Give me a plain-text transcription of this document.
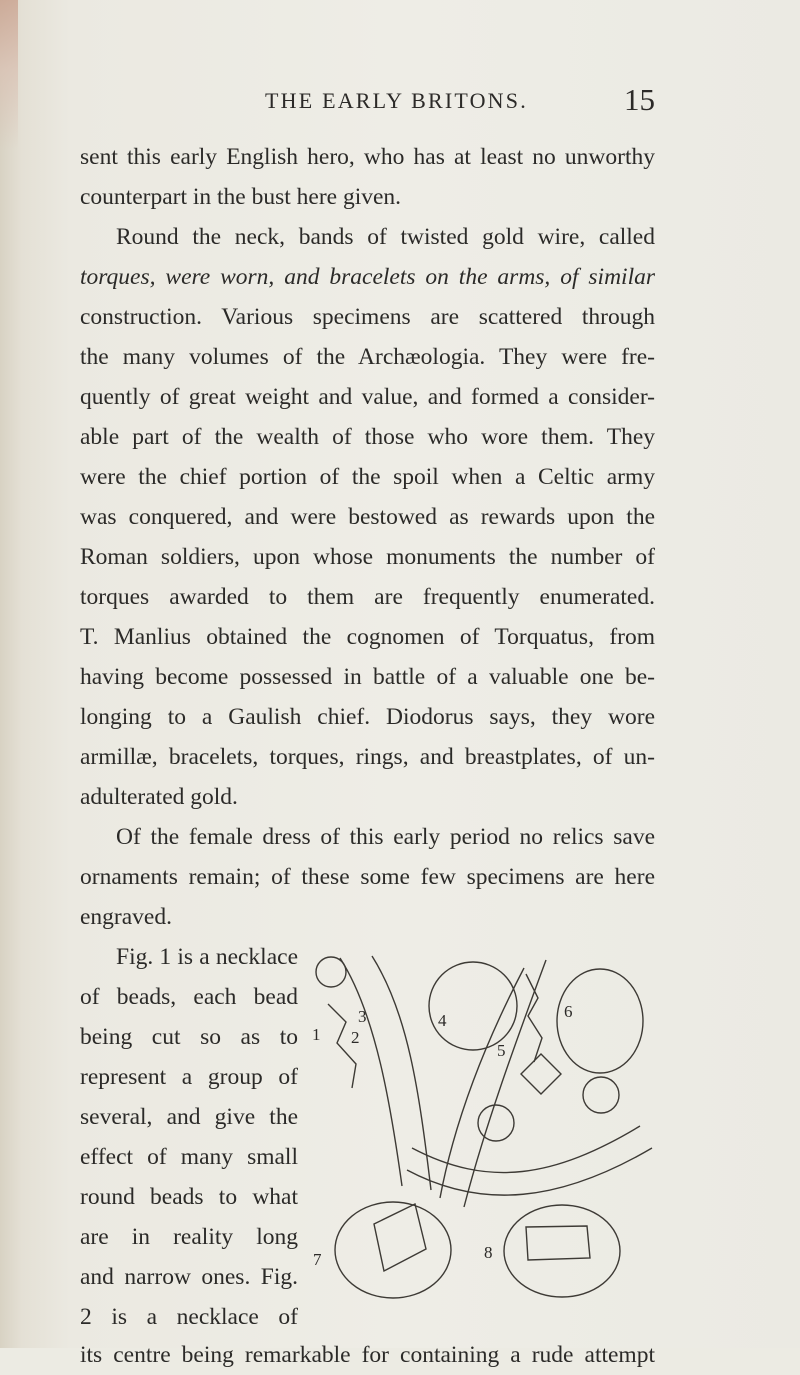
THE EARLY BRITONS.	15
sent this early English hero, who has at least no unworthy
counterpart in the bust here given.
Round the neck, bands of twisted gold wire, called
torques, were worn, and bracelets on the arms, of similar
construction. Various specimens are scattered through
the many volumes of the Archæologia. They were fre-
quently of great weight and value, and formed a consider-
able part of the wealth of those who wore them. They
were the chief portion of the spoil when a Celtic army
was conquered, and were bestowed as rewards upon the
Roman soldiers, upon whose monuments the number of
torques awarded to them are frequently enumerated.
T. Manlius obtained the cognomen of Torquatus, from
having become possessed in battle of a valuable one be-
longing to a Gaulish chief. Diodorus says, they wore
armillæ, bracelets, torques, rings, and breastplates, of un-
adulterated gold.
Of the female dress of this early period no relics save
ornaments remain; of these some few specimens are here
engraved.
Fig. 1 is a necklace
of beads, each bead
being cut so as to
represent a group of
several, and give the
effect of many small
round beads to what
are in reality long
and narrow ones. Fig.
2 is a necklace of
1 2
3	4
5
6
7	8
its centre being remarkable for containing a rude attempt
